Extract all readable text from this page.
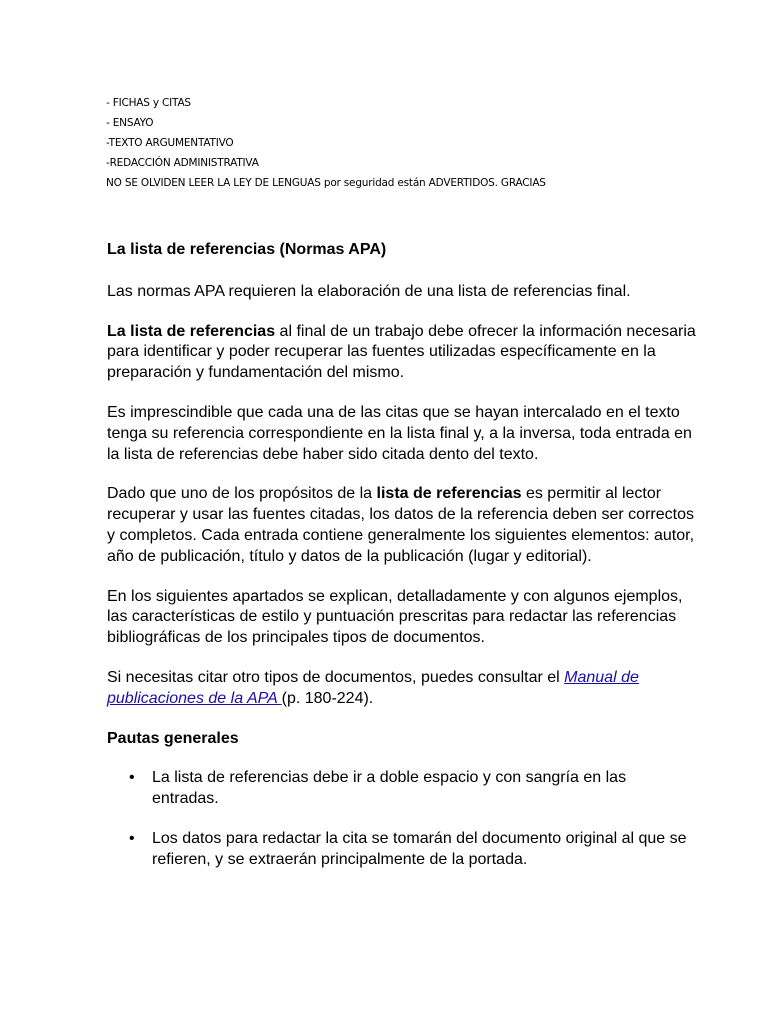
- FICHAS y CITAS
- ENSAYO
-TEXTO ARGUMENTATIVO
-REDACCIÓN ADMINISTRATIVA
NO SE OLVIDEN LEER LA LEY DE LENGUAS por seguridad están ADVERTIDOS. GRACIAS

La lista de referencias (Normas APA)

Las normas APA requieren la elaboración de una lista de referencias final.

La lista de referencias al final de un trabajo debe ofrecer la información necesaria para identificar y poder recuperar las fuentes utilizadas específicamente en la preparación y fundamentación del mismo.

Es imprescindible que cada una de las citas que se hayan intercalado en el texto tenga su referencia correspondiente en la lista final y, a la inversa, toda entrada en la lista de referencias debe haber sido citada dento del texto.

Dado que uno de los propósitos de la lista de referencias es permitir al lector recuperar y usar las fuentes citadas, los datos de la referencia deben ser correctos y completos. Cada entrada contiene generalmente los siguientes elementos: autor, año de publicación, título y datos de la publicación (lugar y editorial).

En los siguientes apartados se explican, detalladamente y con algunos ejemplos, las características de estilo y puntuación prescritas para redactar las referencias bibliográficas de los principales tipos de documentos.

Si necesitas citar otro tipos de documentos, puedes consultar el Manual de publicaciones de la APA (p. 180-224).

Pautas generales

• La lista de referencias debe ir a doble espacio y con sangría en las entradas.
• Los datos para redactar la cita se tomarán del documento original al que se refieren, y se extraerán principalmente de la portada.
